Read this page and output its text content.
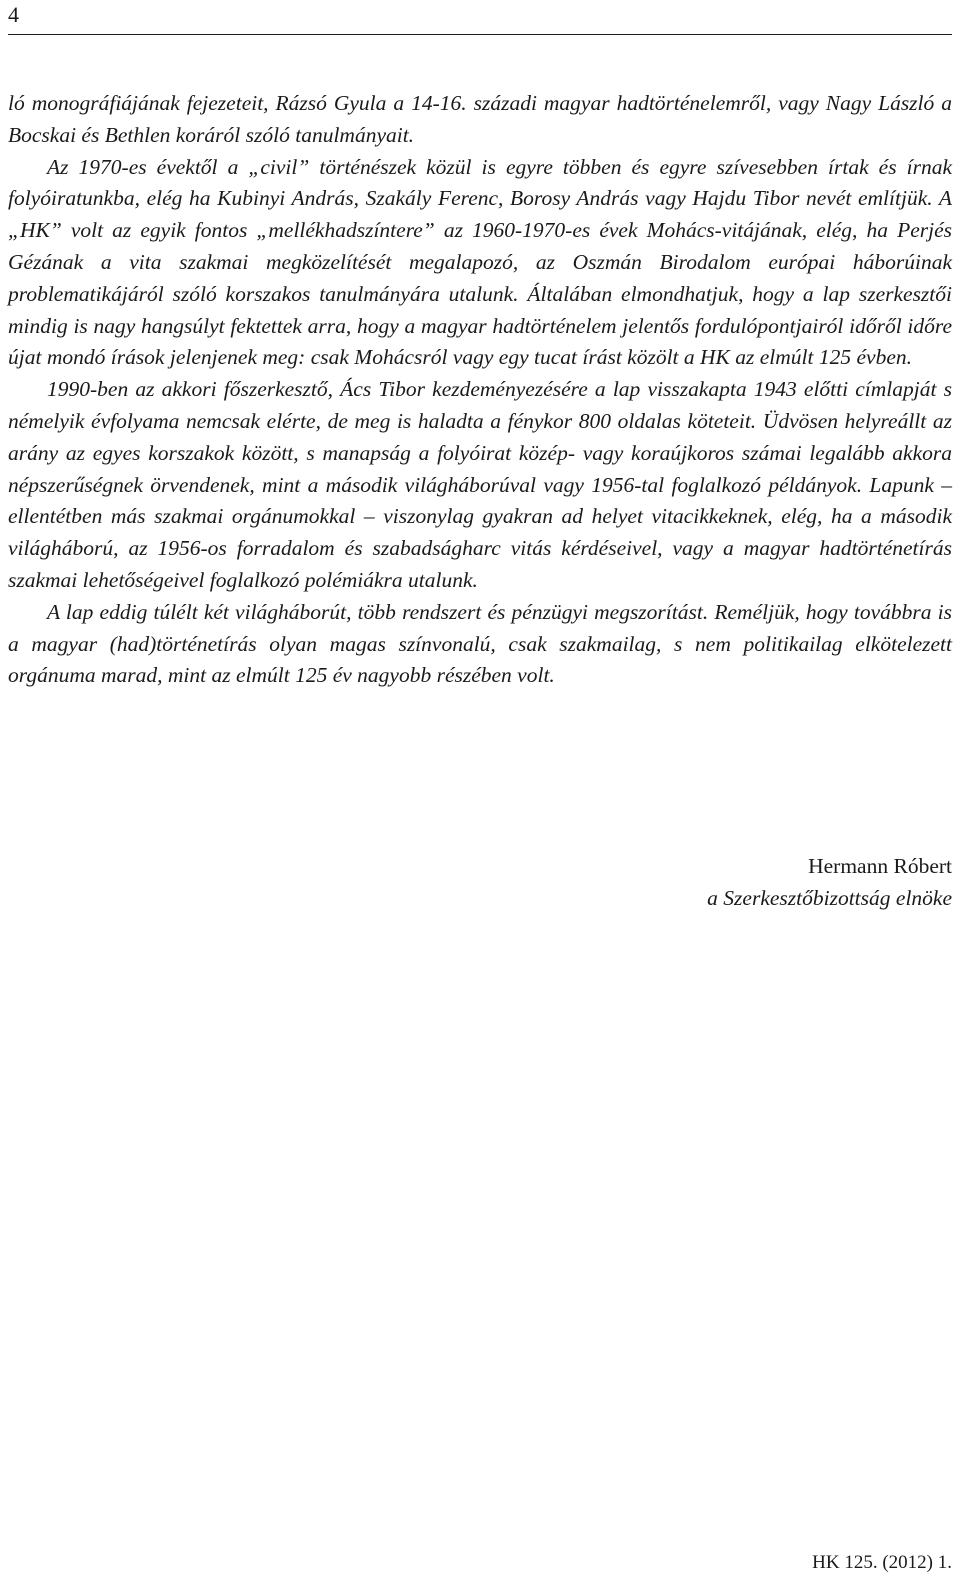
4

ló monográfiájának fejezeteit, Rázsó Gyula a 14-16. századi magyar hadtörténelemről, vagy Nagy László a Bocskai és Bethlen koráról szóló tanulmányait.

Az 1970-es évektől a „civil” történészek közül is egyre többen és egyre szívesebben írtak és írnak folyóiratunkba, elég ha Kubinyi András, Szakály Ferenc, Borosy András vagy Hajdu Tibor nevét említjük. A „HK” volt az egyik fontos „mellékhadszíntere” az 1960-1970-es évek Mohács-vitájának, elég, ha Perjés Gézának a vita szakmai megközelítését megalapozó, az Oszmán Birodalom európai háborúinak problematikájáról szóló korszakos tanulmányára utalunk. Általában elmondhatjuk, hogy a lap szerkesztői mindig is nagy hangsúlyt fektettek arra, hogy a magyar hadtörténelem jelentős fordulópontjairól időről időre újat mondó írások jelenjenek meg: csak Mohácsról vagy egy tucat írást közölt a HK az elmúlt 125 évben.

1990-ben az akkori főszerkesztő, Ács Tibor kezdeményezésére a lap visszakapta 1943 előtti címlapját s némelyik évfolyama nemcsak elérte, de meg is haladta a fénykor 800 oldalas köteteit. Üdvösen helyreállt az arány az egyes korszakok között, s manapság a folyóirat közép- vagy koraújkoros számai legalább akkora népszerűségnek örvendenek, mint a második világháborúval vagy 1956-tal foglalkozó példányok. Lapunk – ellentétben más szakmai orgánumokkal – viszonylag gyakran ad helyet vitacikkeknek, elég, ha a második világháború, az 1956-os forradalom és szabadságharc vitás kérdéseivel, vagy a magyar hadtörténetírás szakmai lehetőségeivel foglalkozó polémiákra utalunk.

A lap eddig túlélt két világháborút, több rendszert és pénzügyi megszorítást. Reméljük, hogy továbbra is a magyar (had)történetírás olyan magas színvonalú, csak szakmailag, s nem politikailag elkötelezett orgánuma marad, mint az elmúlt 125 év nagyobb részében volt.

Hermann Róbert
a Szerkesztőbizottság elnöke
HK 125. (2012) 1.
